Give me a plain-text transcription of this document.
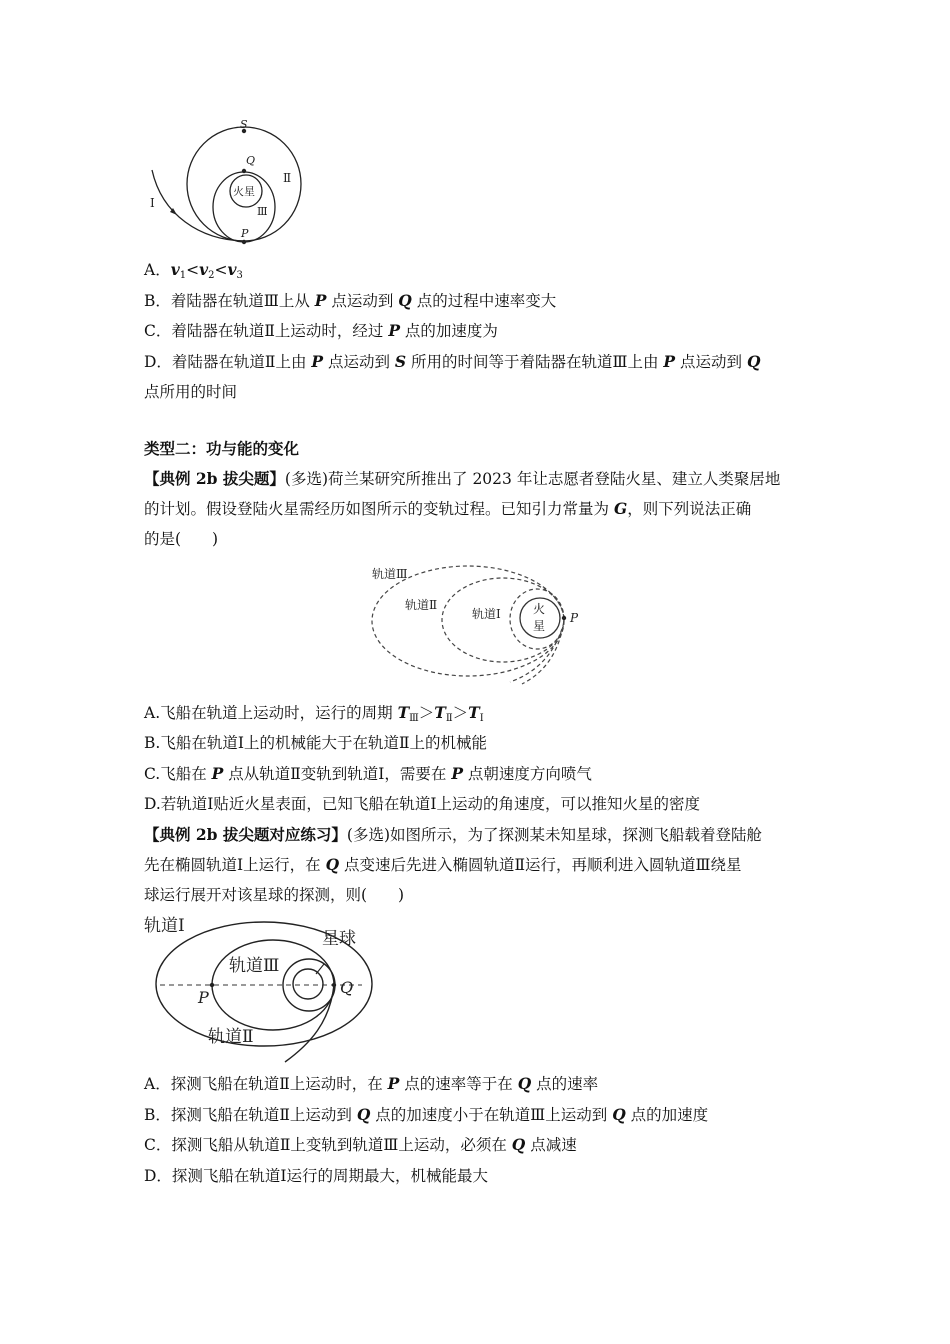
S
Q
火星
Ⅱ
Ⅲ
Ⅰ
P
A．$v_1<v_2<v_3$
B．着陆器在轨道Ⅲ上从 P 点运动到 Q 点的过程中速率变大
C．着陆器在轨道Ⅱ上运动时，经过 P 点的加速度为
D．着陆器在轨道Ⅱ上由 P 点运动到 S 所用的时间等于着陆器在轨道Ⅲ上由 P 点运动到 Q
点所用的时间
类型二：功与能的变化
【典例 2b 拔尖题】(多选)荷兰某研究所推出了 2023 年让志愿者登陆火星、建立人类聚居地
的计划。假设登陆火星需经历如图所示的变轨过程。已知引力常量为 G，则下列说法正确
的是(　　)
轨道Ⅲ
轨道Ⅱ
轨道Ⅰ	火
星
P
A.飞船在轨道上运动时，运行的周期 $T_Ⅲ>T_Ⅱ>T_Ⅰ$
B.飞船在轨道Ⅰ上的机械能大于在轨道Ⅱ上的机械能
C.飞船在 P 点从轨道Ⅱ变轨到轨道Ⅰ，需要在 P 点朝速度方向喷气
D.若轨道Ⅰ贴近火星表面，已知飞船在轨道Ⅰ上运动的角速度，可以推知火星的密度
【典例 2b 拔尖题对应练习】(多选)如图所示，为了探测某未知星球，探测飞船载着登陆舱
先在椭圆轨道Ⅰ上运行，在 Q 点变速后先进入椭圆轨道Ⅱ运行，再顺利进入圆轨道Ⅲ绕星
球运行展开对该星球的探测，则(　　)
轨道Ⅰ
星球
轨道Ⅲ
P
Q
轨道Ⅱ
A．探测飞船在轨道Ⅱ上运动时，在 P 点的速率等于在 Q 点的速率
B．探测飞船在轨道Ⅱ上运动到 Q 点的加速度小于在轨道Ⅲ上运动到 Q 点的加速度
C．探测飞船从轨道Ⅱ上变轨到轨道Ⅲ上运动，必须在 Q 点减速
D．探测飞船在轨道Ⅰ运行的周期最大，机械能最大
